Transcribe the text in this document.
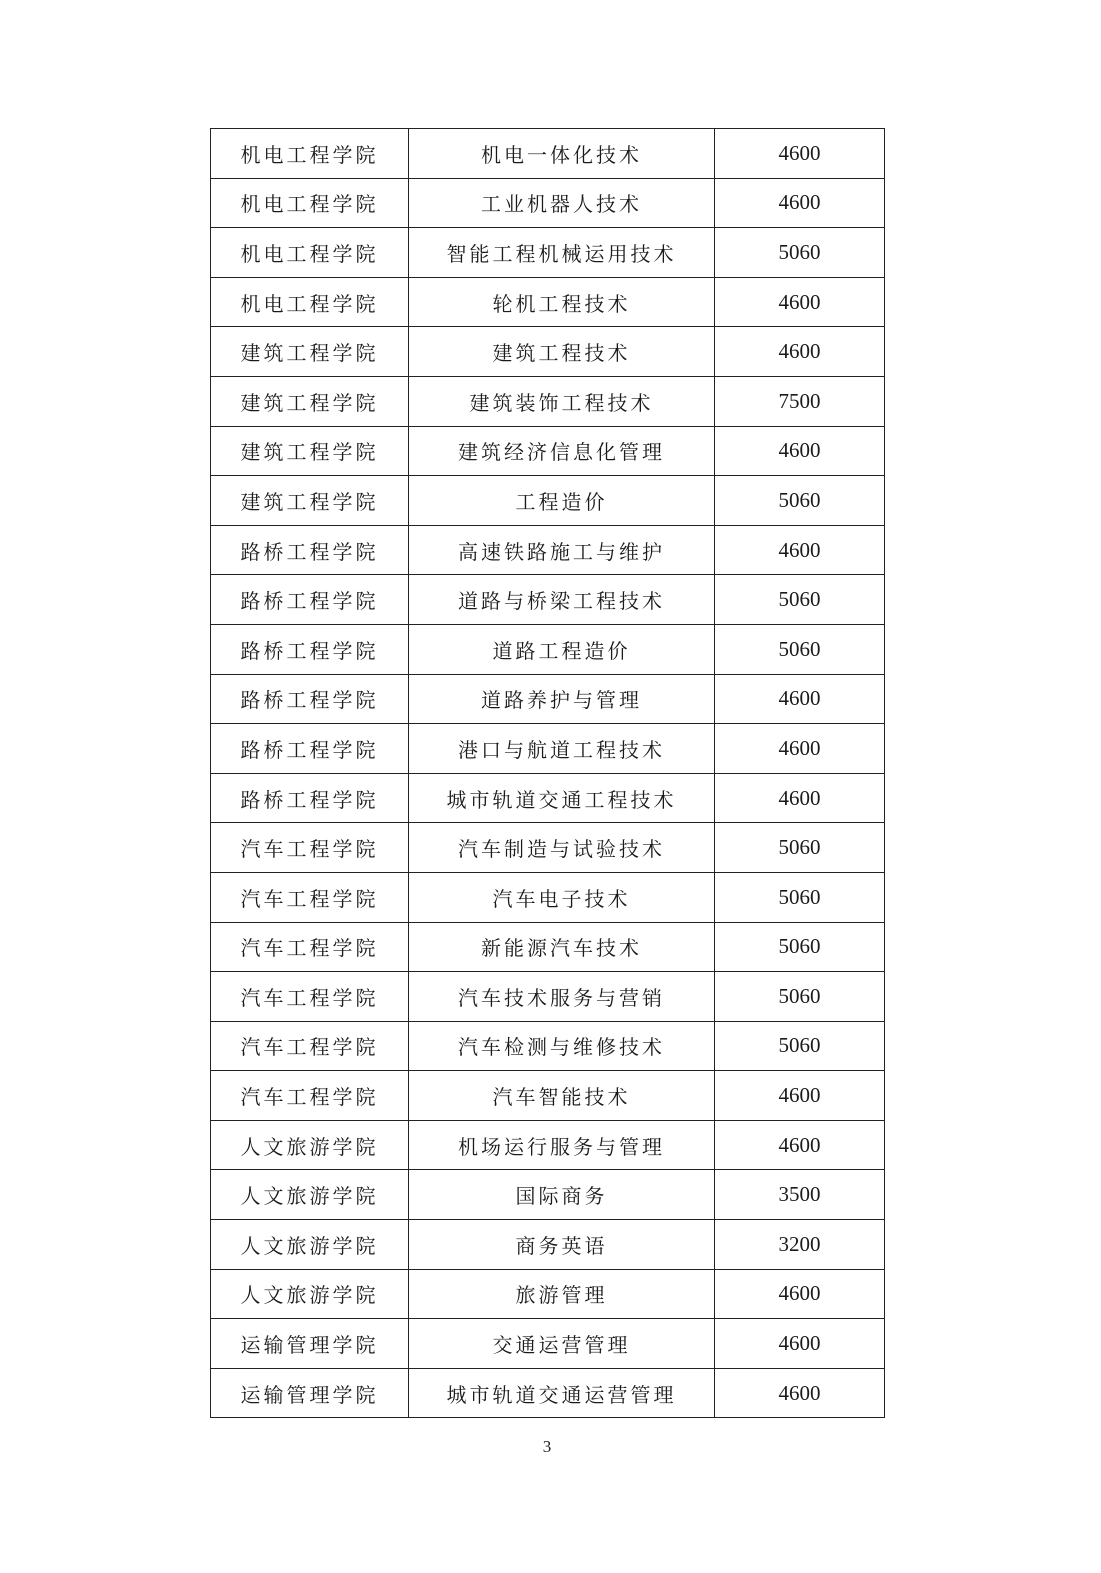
机电工程学院	机电一体化技术	4600
机电工程学院	工业机器人技术	4600
机电工程学院	智能工程机械运用技术	5060
机电工程学院	轮机工程技术	4600
建筑工程学院	建筑工程技术	4600
建筑工程学院	建筑装饰工程技术	7500
建筑工程学院	建筑经济信息化管理	4600
建筑工程学院	工程造价	5060
路桥工程学院	高速铁路施工与维护	4600
路桥工程学院	道路与桥梁工程技术	5060
路桥工程学院	道路工程造价	5060
路桥工程学院	道路养护与管理	4600
路桥工程学院	港口与航道工程技术	4600
路桥工程学院	城市轨道交通工程技术	4600
汽车工程学院	汽车制造与试验技术	5060
汽车工程学院	汽车电子技术	5060
汽车工程学院	新能源汽车技术	5060
汽车工程学院	汽车技术服务与营销	5060
汽车工程学院	汽车检测与维修技术	5060
汽车工程学院	汽车智能技术	4600
人文旅游学院	机场运行服务与管理	4600
人文旅游学院	国际商务	3500
人文旅游学院	商务英语	3200
人文旅游学院	旅游管理	4600
运输管理学院	交通运营管理	4600
运输管理学院	城市轨道交通运营管理	4600
3
